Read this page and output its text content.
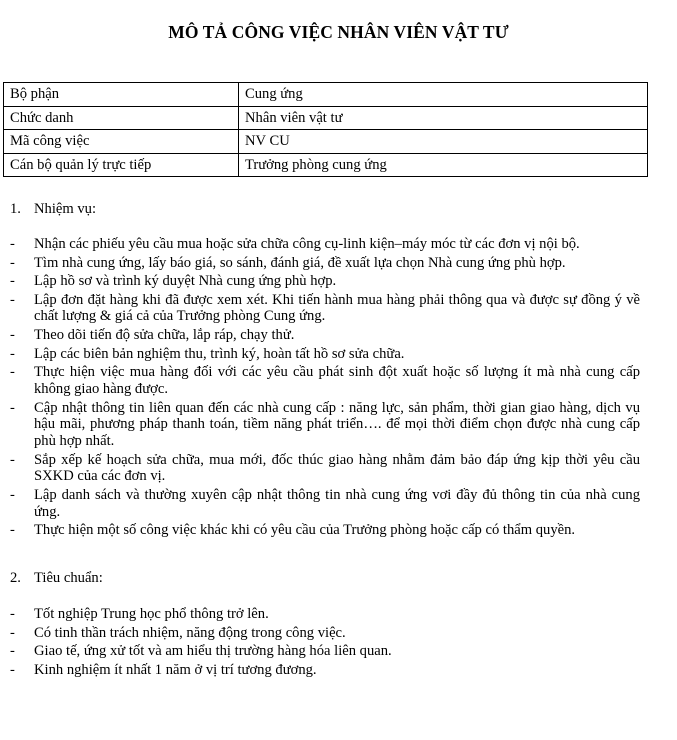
MÔ TẢ CÔNG VIỆC NHÂN VIÊN VẬT TƯ
Bộ phận	Cung ứng
Chức danh	Nhân viên vật tư
Mã công việc	NV CU
Cán bộ quản lý trực tiếp	Trưởng phòng cung ứng
1. Nhiệm vụ:
- Nhận các phiếu yêu cầu mua hoặc sửa chữa công cụ-linh kiện–máy móc từ các đơn vị nội bộ.
- Tìm nhà cung ứng, lấy báo giá, so sánh, đánh giá, đề xuất lựa chọn Nhà cung ứng phù hợp.
- Lập hồ sơ và trình ký duyệt Nhà cung ứng phù hợp.
- Lập đơn đặt hàng khi đã được xem xét. Khi tiến hành mua hàng phải thông qua và được sự đồng ý về chất lượng & giá cả của Trưởng phòng Cung ứng.
- Theo dõi tiến độ sửa chữa, lắp ráp, chạy thử.
- Lập các biên bản nghiệm thu, trình ký, hoàn tất hồ sơ sửa chữa.
- Thực hiện việc mua hàng đối với các yêu cầu phát sinh đột xuất hoặc số lượng ít mà nhà cung cấp không giao hàng được.
- Cập nhật thông tin liên quan đến các nhà cung cấp : năng lực, sản phẩm, thời gian giao hàng, dịch vụ hậu mãi, phương pháp thanh toán, tiềm năng phát triển…. để mọi thời điểm chọn được nhà cung cấp phù hợp nhất.
- Sắp xếp kế hoạch sửa chữa, mua mới, đốc thúc giao hàng nhằm đảm bảo đáp ứng kịp thời yêu cầu SXKD của các đơn vị.
- Lập danh sách và thường xuyên cập nhật thông tin nhà cung ứng vơi đầy đủ thông tin của nhà cung ứng.
- Thực hiện một số công việc khác khi có yêu cầu của Trưởng phòng hoặc cấp có thẩm quyền.
2. Tiêu chuẩn:
- Tốt nghiệp Trung học phổ thông trở lên.
- Có tinh thần trách nhiệm, năng động trong công việc.
- Giao tế, ứng xử tốt và am hiểu thị trường hàng hóa liên quan.
- Kinh nghiệm ít nhất 1 năm ở vị trí tương đương.
